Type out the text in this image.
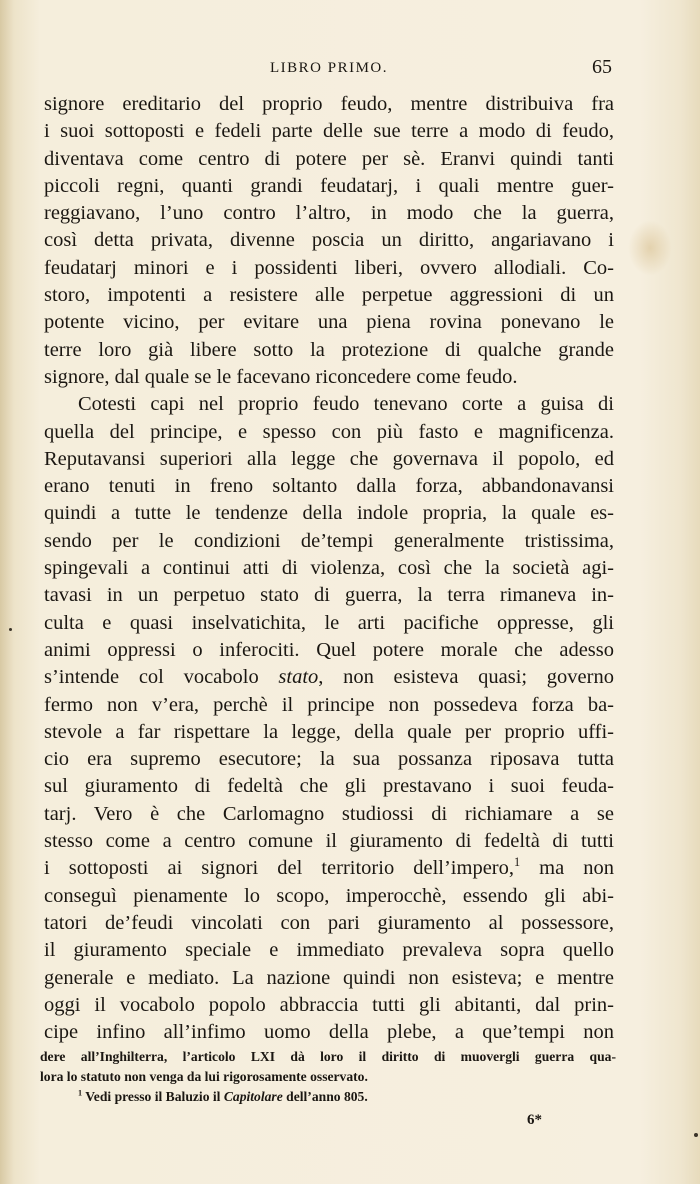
LIBRO PRIMO.	65
signore ereditario del proprio feudo, mentre distribuiva fra
i suoi sottoposti e fedeli parte delle sue terre a modo di feudo,
diventava come centro di potere per sè. Eranvi quindi tanti
piccoli regni, quanti grandi feudatarj, i quali mentre guer-
reggiavano, l’uno contro l’altro, in modo che la guerra,
così detta privata, divenne poscia un diritto, angariavano i
feudatarj minori e i possidenti liberi, ovvero allodiali. Co-
storo, impotenti a resistere alle perpetue aggressioni di un
potente vicino, per evitare una piena rovina ponevano le
terre loro già libere sotto la protezione di qualche grande
signore, dal quale se le facevano riconcedere come feudo.
Cotesti capi nel proprio feudo tenevano corte a guisa di
quella del principe, e spesso con più fasto e magnificenza.
Reputavansi superiori alla legge che governava il popolo, ed
erano tenuti in freno soltanto dalla forza, abbandonavansi
quindi a tutte le tendenze della indole propria, la quale es-
sendo per le condizioni de’tempi generalmente tristissima,
spingevali a continui atti di violenza, così che la società agi-
tavasi in un perpetuo stato di guerra, la terra rimaneva in-
culta e quasi inselvatichita, le arti pacifiche oppresse, gli
animi oppressi o inferociti. Quel potere morale che adesso
s’intende col vocabolo stato, non esisteva quasi; governo
fermo non v’era, perchè il principe non possedeva forza ba-
stevole a far rispettare la legge, della quale per proprio uffi-
cio era supremo esecutore; la sua possanza riposava tutta
sul giuramento di fedeltà che gli prestavano i suoi feuda-
tarj. Vero è che Carlomagno studiossi di richiamare a se
stesso come a centro comune il giuramento di fedeltà di tutti
i sottoposti ai signori del territorio dell’impero,$^1$ ma non
conseguì pienamente lo scopo, imperocchè, essendo gli abi-
tatori de’feudi vincolati con pari giuramento al possessore,
il giuramento speciale e immediato prevaleva sopra quello
generale e mediato. La nazione quindi non esisteva; e mentre
oggi il vocabolo popolo abbraccia tutti gli abitanti, dal prin-
cipe infino all’infimo uomo della plebe, a que’tempi non
dere all’Inghilterra, l’articolo LXI dà loro il diritto di muovergli guerra qua-
lora lo statuto non venga da lui rigorosamente osservato.
$^1$ Vedi presso il Baluzio il Capitolare dell’anno 805.
6*
